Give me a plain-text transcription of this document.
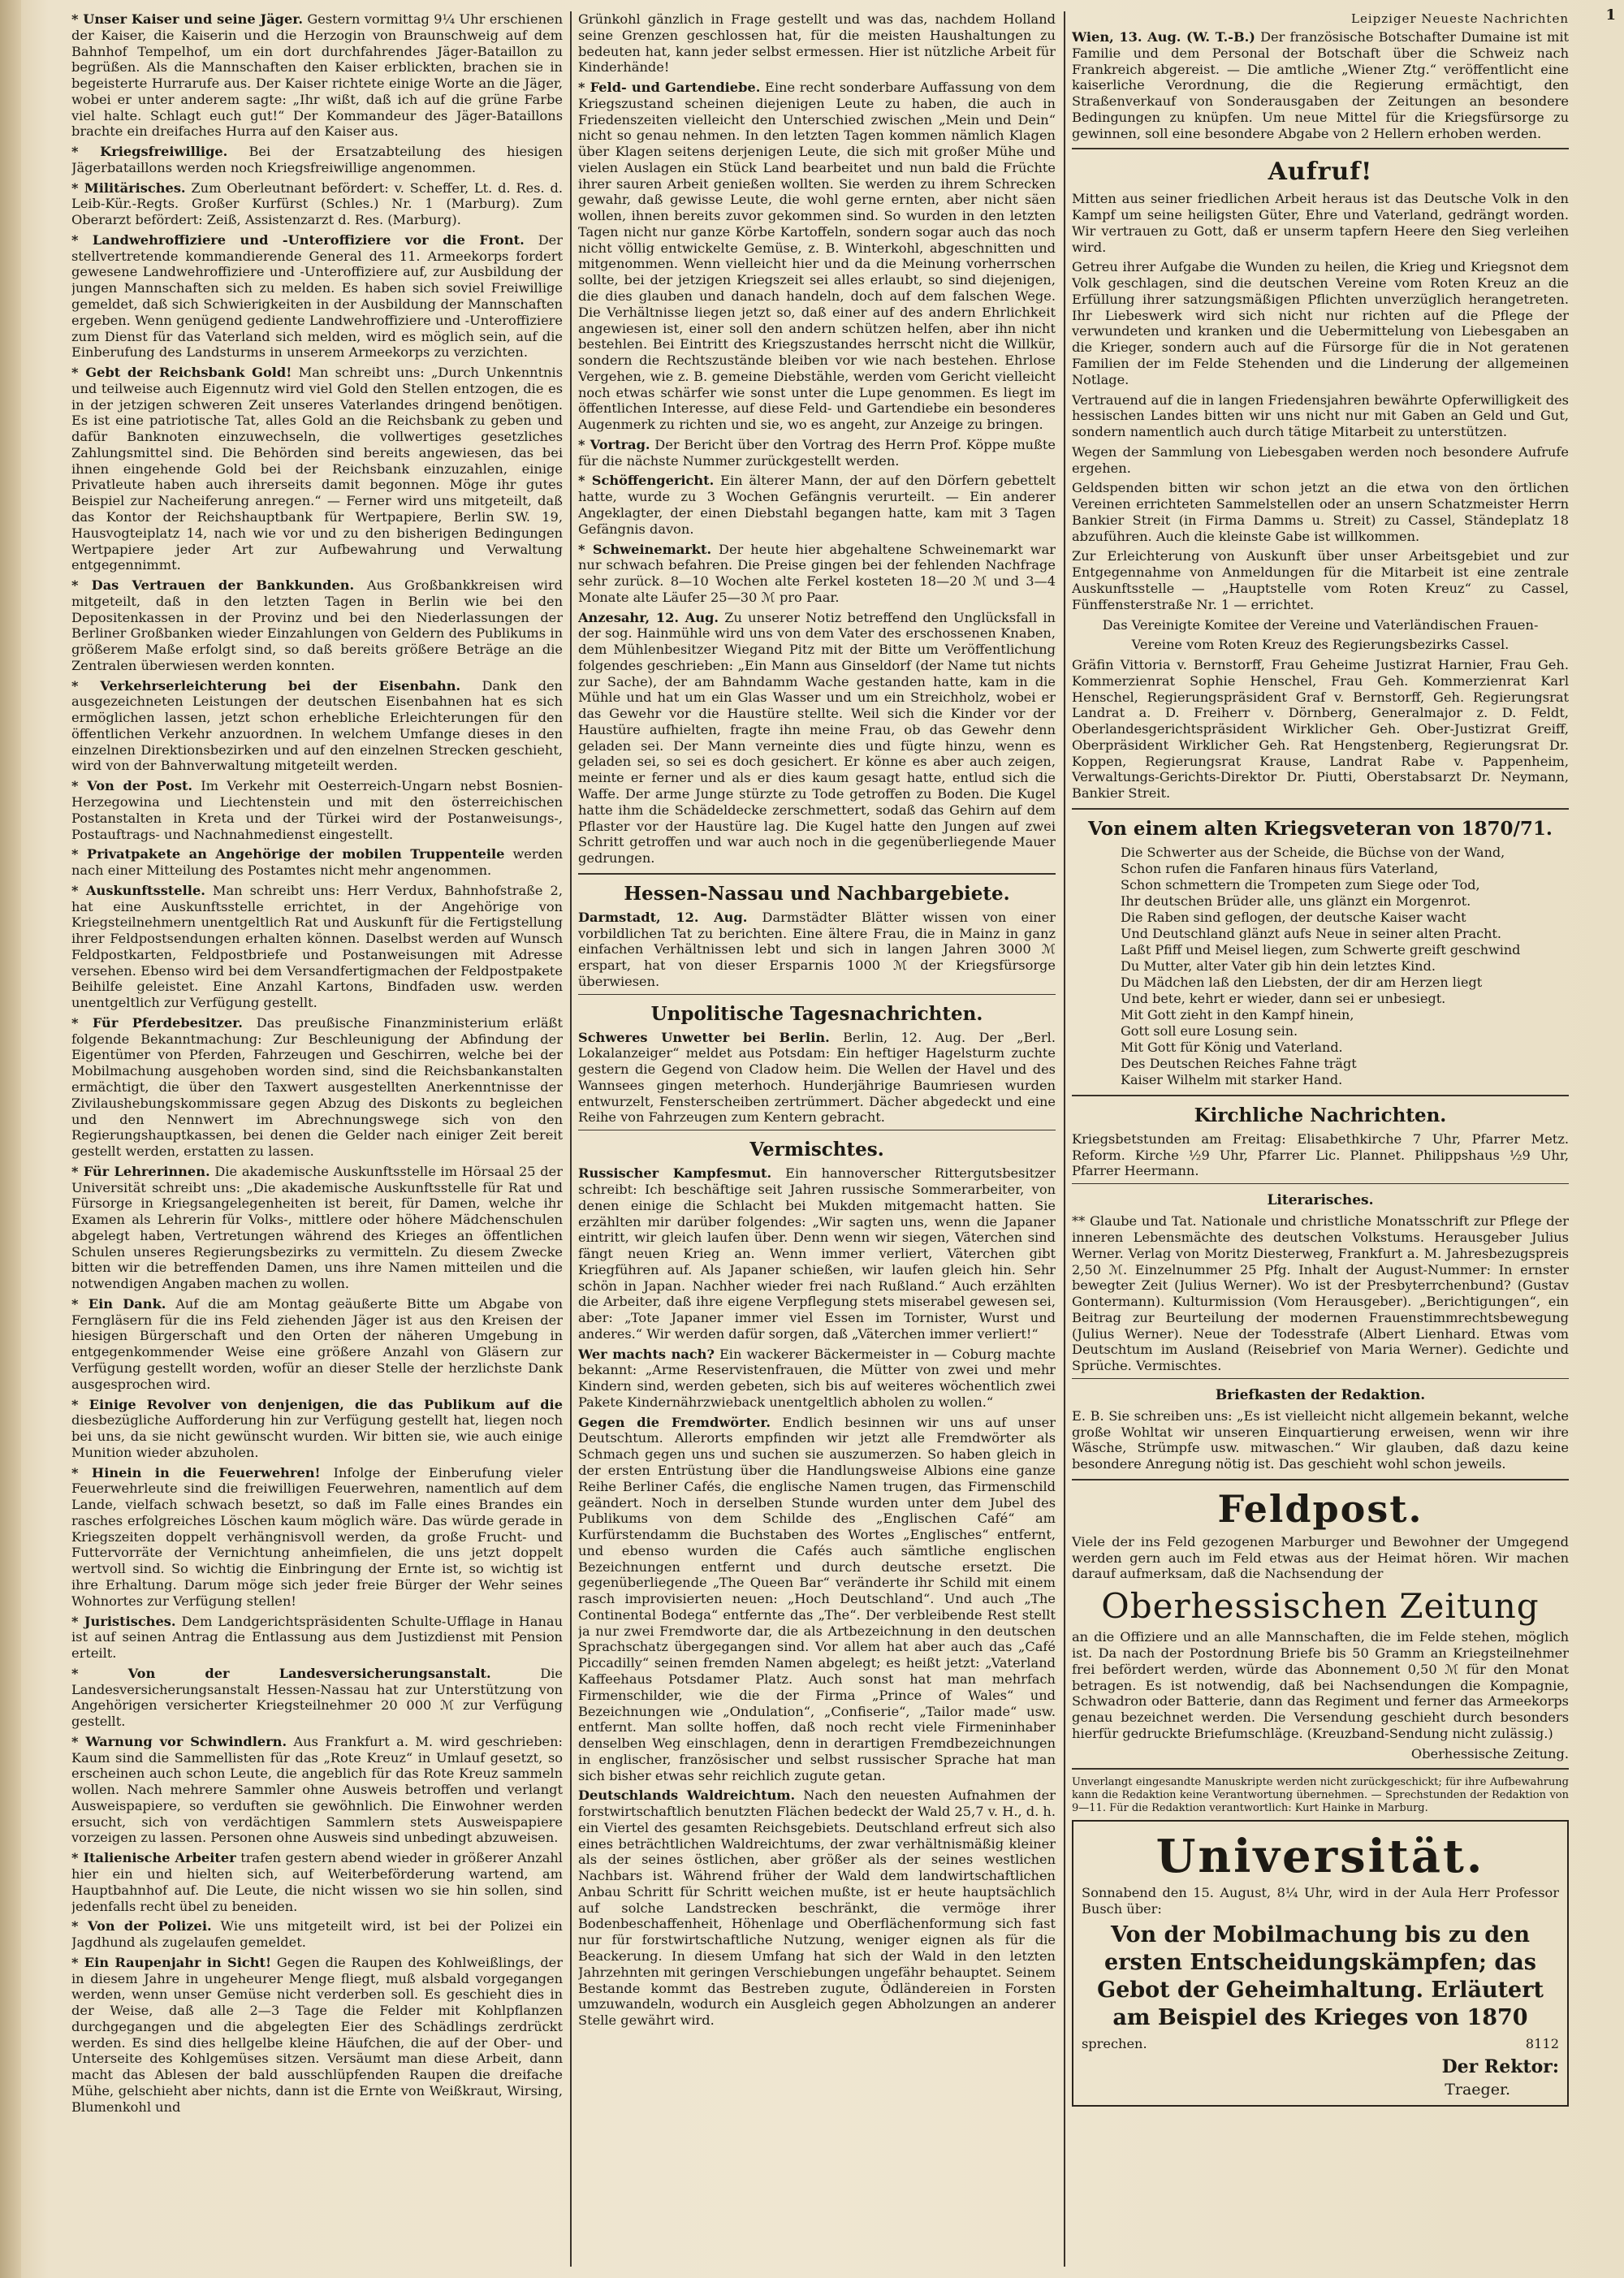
1

* Unser Kaiser und seine Jäger. Gestern vormittag 9¼ Uhr erschienen der Kaiser, die Kaiserin und die Herzogin von Braunschweig auf dem Bahnhof Tempelhof, um ein dort durchfahrendes Jäger-Bataillon zu begrüßen. Als die Mannschaften den Kaiser erblickten, brachen sie in begeisterte Hurrarufe aus. Der Kaiser richtete einige Worte an die Jäger, wobei er unter anderem sagte: „Ihr wißt, daß ich auf die grüne Farbe viel halte. Schlagt euch gut!“ Der Kommandeur des Jäger-Bataillons brachte ein dreifaches Hurra auf den Kaiser aus.

* Kriegsfreiwillige. Bei der Ersatzabteilung des hiesigen Jägerbataillons werden noch Kriegsfreiwillige angenommen.

* Militärisches. Zum Oberleutnant befördert: v. Scheffer, Lt. d. Res. d. Leib-Kür.-Regts. Großer Kurfürst (Schles.) Nr. 1 (Marburg). Zum Oberarzt befördert: Zeiß, Assistenzarzt d. Res. (Marburg).

* Landwehroffiziere und -Unteroffiziere vor die Front. Der stellvertretende kommandierende General des 11. Armeekorps fordert gewesene Landwehroffiziere und -Unteroffiziere auf, zur Ausbildung der jungen Mannschaften sich zu melden. Es haben sich soviel Freiwillige gemeldet, daß sich Schwierigkeiten in der Ausbildung der Mannschaften ergeben. Wenn genügend gediente Landwehroffiziere und -Unteroffiziere zum Dienst für das Vaterland sich melden, wird es möglich sein, auf die Einberufung des Landsturms in unserem Armeekorps zu verzichten.

* Gebt der Reichsbank Gold! Man schreibt uns: „Durch Unkenntnis und teilweise auch Eigennutz wird viel Gold den Stellen entzogen, die es in der jetzigen schweren Zeit unseres Vaterlandes dringend benötigen. Es ist eine patriotische Tat, alles Gold an die Reichsbank zu geben und dafür Banknoten einzuwechseln, die vollwertiges gesetzliches Zahlungsmittel sind. Die Behörden sind bereits angewiesen, das bei ihnen eingehende Gold bei der Reichsbank einzuzahlen, einige Privatleute haben auch ihrerseits damit begonnen. Möge ihr gutes Beispiel zur Nacheiferung anregen.“ — Ferner wird uns mitgeteilt, daß das Kontor der Reichshauptbank für Wertpapiere, Berlin SW. 19, Hausvogteiplatz 14, nach wie vor und zu den bisherigen Bedingungen Wertpapiere jeder Art zur Aufbewahrung und Verwaltung entgegennimmt.

* Das Vertrauen der Bankkunden. Aus Großbankkreisen wird mitgeteilt, daß in den letzten Tagen in Berlin wie bei den Depositenkassen in der Provinz und bei den Niederlassungen der Berliner Großbanken wieder Einzahlungen von Geldern des Publikums in größerem Maße erfolgt sind, so daß bereits größere Beträge an die Zentralen überwiesen werden konnten.

* Verkehrserleichterung bei der Eisenbahn. Dank den ausgezeichneten Leistungen der deutschen Eisenbahnen hat es sich ermöglichen lassen, jetzt schon erhebliche Erleichterungen für den öffentlichen Verkehr anzuordnen. In welchem Umfange dieses in den einzelnen Direktionsbezirken und auf den einzelnen Strecken geschieht, wird von der Bahnverwaltung mitgeteilt werden.

* Von der Post. Im Verkehr mit Oesterreich-Ungarn nebst Bosnien-Herzegowina und Liechtenstein und mit den österreichischen Postanstalten in Kreta und der Türkei wird der Postanweisungs-, Postauftrags- und Nachnahmedienst eingestellt.

* Privatpakete an Angehörige der mobilen Truppenteile werden nach einer Mitteilung des Postamtes nicht mehr angenommen.

* Auskunftsstelle. Man schreibt uns: Herr Verdux, Bahnhofstraße 2, hat eine Auskunftsstelle errichtet, in der Angehörige von Kriegsteilnehmern unentgeltlich Rat und Auskunft für die Fertigstellung ihrer Feldpostsendungen erhalten können. Daselbst werden auf Wunsch Feldpostkarten, Feldpostbriefe und Postanweisungen mit Adresse versehen. Ebenso wird bei dem Versandfertigmachen der Feldpostpakete Beihilfe geleistet. Eine Anzahl Kartons, Bindfaden usw. werden unentgeltlich zur Verfügung gestellt.

* Für Pferdebesitzer. Das preußische Finanzministerium erläßt folgende Bekanntmachung: Zur Beschleunigung der Abfindung der Eigentümer von Pferden, Fahrzeugen und Geschirren, welche bei der Mobilmachung ausgehoben worden sind, sind die Reichsbankanstalten ermächtigt, die über den Taxwert ausgestellten Anerkenntnisse der Zivilaushebungskommissare gegen Abzug des Diskonts zu begleichen und den Nennwert im Abrechnungswege sich von den Regierungshauptkassen, bei denen die Gelder nach einiger Zeit bereit gestellt werden, erstatten zu lassen.

* Für Lehrerinnen. Die akademische Auskunftsstelle im Hörsaal 25 der Universität schreibt uns: „Die akademische Auskunftsstelle für Rat und Fürsorge in Kriegsangelegenheiten ist bereit, für Damen, welche ihr Examen als Lehrerin für Volks-, mittlere oder höhere Mädchenschulen abgelegt haben, Vertretungen während des Krieges an öffentlichen Schulen unseres Regierungsbezirks zu vermitteln. Zu diesem Zwecke bitten wir die betreffenden Damen, uns ihre Namen mitteilen und die notwendigen Angaben machen zu wollen.

* Ein Dank. Auf die am Montag geäußerte Bitte um Abgabe von Ferngläsern für die ins Feld ziehenden Jäger ist aus den Kreisen der hiesigen Bürgerschaft und den Orten der näheren Umgebung in entgegenkommender Weise eine größere Anzahl von Gläsern zur Verfügung gestellt worden, wofür an dieser Stelle der herzlichste Dank ausgesprochen wird.

* Einige Revolver von denjenigen, die das Publikum auf die diesbezügliche Aufforderung hin zur Verfügung gestellt hat, liegen noch bei uns, da sie nicht gewünscht wurden. Wir bitten sie, wie auch einige Munition wieder abzuholen.

* Hinein in die Feuerwehren! Infolge der Einberufung vieler Feuerwehrleute sind die freiwilligen Feuerwehren, namentlich auf dem Lande, vielfach schwach besetzt, so daß im Falle eines Brandes ein rasches erfolgreiches Löschen kaum möglich wäre. Das würde gerade in Kriegszeiten doppelt verhängnisvoll werden, da große Frucht- und Futtervorräte der Vernichtung anheimfielen, die uns jetzt doppelt wertvoll sind. So wichtig die Einbringung der Ernte ist, so wichtig ist ihre Erhaltung. Darum möge sich jeder freie Bürger der Wehr seines Wohnortes zur Verfügung stellen!

* Juristisches. Dem Landgerichtspräsidenten Schulte-Ufflage in Hanau ist auf seinen Antrag die Entlassung aus dem Justizdienst mit Pension erteilt.

* Von der Landesversicherungsanstalt.	Die Landesversicherungsanstalt Hessen-Nassau hat zur Unterstützung von Angehörigen versicherter Kriegsteilnehmer 20 000 ℳ zur Verfügung gestellt.

* Warnung vor Schwindlern. Aus Frankfurt a. M. wird geschrieben: Kaum sind die Sammellisten für das „Rote Kreuz“ in Umlauf gesetzt, so erscheinen auch schon Leute, die angeblich für das Rote Kreuz sammeln wollen. Nach mehrere Sammler ohne Ausweis betroffen und verlangt Ausweispapiere, so verduften sie gewöhnlich. Die Einwohner werden ersucht, sich von verdächtigen Sammlern stets Ausweispapiere vorzeigen zu lassen. Personen ohne Ausweis sind unbedingt abzuweisen.

* Italienische Arbeiter trafen gestern abend wieder in größerer Anzahl hier ein und hielten sich, auf Weiterbeförderung wartend, am Hauptbahnhof auf. Die Leute, die nicht wissen wo sie hin sollen, sind jedenfalls recht übel zu beneiden.

* Von der Polizei. Wie uns mitgeteilt wird, ist bei der Polizei ein Jagdhund als zugelaufen gemeldet.

* Ein Raupenjahr in Sicht! Gegen die Raupen des Kohlweißlings, der in diesem Jahre in ungeheurer Menge fliegt, muß alsbald vorgegangen werden, wenn unser Gemüse nicht verderben soll. Es geschieht dies in der Weise, daß alle 2—3 Tage die Felder mit Kohlpflanzen durchgegangen und die abgelegten Eier des Schädlings zerdrückt werden. Es sind dies hellgelbe kleine Häufchen, die auf der Ober- und Unterseite des Kohlgemüses sitzen. Versäumt man diese Arbeit, dann macht das Ablesen der bald ausschlüpfenden Raupen die dreifache Mühe, gelschieht aber nichts, dann ist die Ernte von Weißkraut, Wirsing, Blumenkohl und

Grünkohl gänzlich in Frage gestellt und was das, nachdem Holland seine Grenzen geschlossen hat, für die meisten Haushaltungen zu bedeuten hat, kann jeder selbst ermessen. Hier ist nützliche Arbeit für Kinderhände!

* Feld- und Gartendiebe. Eine recht sonderbare Auffassung von dem Kriegszustand scheinen diejenigen Leute zu haben, die auch in Friedenszeiten vielleicht den Unterschied zwischen „Mein und Dein“ nicht so genau nehmen. In den letzten Tagen kommen nämlich Klagen über Klagen seitens derjenigen Leute, die sich mit großer Mühe und vielen Auslagen ein Stück Land bearbeitet und nun bald die Früchte ihrer sauren Arbeit genießen wollten. Sie werden zu ihrem Schrecken gewahr, daß gewisse Leute, die wohl gerne ernten, aber nicht säen wollen, ihnen bereits zuvor gekommen sind. So wurden in den letzten Tagen nicht nur ganze Körbe Kartoffeln, sondern sogar auch das noch nicht völlig entwickelte Gemüse, z. B. Winterkohl, abgeschnitten und mitgenommen. Wenn vielleicht hier und da die Meinung vorherrschen sollte, bei der jetzigen Kriegszeit sei alles erlaubt, so sind diejenigen, die dies glauben und danach handeln, doch auf dem falschen Wege. Die Verhältnisse liegen jetzt so, daß einer auf des andern Ehrlichkeit angewiesen ist, einer soll den andern schützen helfen, aber ihn nicht bestehlen. Bei Eintritt des Kriegszustandes herrscht nicht die Willkür, sondern die Rechtszustände bleiben vor wie nach bestehen. Ehrlose Vergehen, wie z. B. gemeine Diebstähle, werden vom Gericht vielleicht noch etwas schärfer wie sonst unter die Lupe genommen. Es liegt im öffentlichen Interesse, auf diese Feld- und Gartendiebe ein besonderes Augenmerk zu richten und sie, wo es angeht, zur Anzeige zu bringen.

* Vortrag. Der Bericht über den Vortrag des Herrn Prof. Köppe mußte für die nächste Nummer zurückgestellt werden.

* Schöffengericht. Ein älterer Mann, der auf den Dörfern gebettelt hatte, wurde zu 3 Wochen Gefängnis verurteilt. — Ein anderer Angeklagter, der einen Diebstahl begangen hatte, kam mit 3 Tagen Gefängnis davon.

* Schweinemarkt. Der heute hier abgehaltene Schweinemarkt war nur schwach befahren. Die Preise gingen bei der fehlenden Nachfrage sehr zurück. 8—10 Wochen alte Ferkel kosteten 18—20 ℳ und 3—4 Monate alte Läufer 25—30 ℳ pro Paar.

Anzesahr, 12. Aug. Zu unserer Notiz betreffend den Unglücksfall in der sog. Hainmühle wird uns von dem Vater des erschossenen Knaben, dem Mühlenbesitzer Wiegand Pitz mit der Bitte um Veröffentlichung folgendes geschrieben: „Ein Mann aus Ginseldorf (der Name tut nichts zur Sache), der am Bahndamm Wache gestanden hatte, kam in die Mühle und hat um ein Glas Wasser und um ein Streichholz, wobei er das Gewehr vor die Haustüre stellte. Weil sich die Kinder vor der Haustüre aufhielten, fragte ihn meine Frau, ob das Gewehr denn geladen sei. Der Mann verneinte dies und fügte hinzu, wenn es geladen sei, so sei es doch gesichert. Er könne es aber auch zeigen, meinte er ferner und als er dies kaum gesagt hatte, entlud sich die Waffe. Der arme Junge stürzte zu Tode getroffen zu Boden. Die Kugel hatte ihm die Schädeldecke zerschmettert, sodaß das Gehirn auf dem Pflaster vor der Haustüre lag. Die Kugel hatte den Jungen auf zwei Schritt getroffen und war auch noch in die gegenüberliegende Mauer gedrungen.

Hessen-Nassau und Nachbargebiete.

Darmstadt, 12. Aug. Darmstädter Blätter wissen von einer vorbildlichen Tat zu berichten. Eine ältere Frau, die in Mainz in ganz einfachen Verhältnissen lebt und sich in langen Jahren 3000 ℳ erspart, hat von dieser Ersparnis 1000 ℳ der Kriegsfürsorge überwiesen.

Unpolitische Tagesnachrichten.

Schweres Unwetter bei Berlin. Berlin, 12. Aug. Der „Berl. Lokalanzeiger“ meldet aus Potsdam: Ein heftiger Hagelsturm zuchte gestern die Gegend von Cladow heim. Die Wellen der Havel und des Wannsees gingen meterhoch. Hunderjährige Baumriesen wurden entwurzelt, Fensterscheiben zertrümmert. Dächer abgedeckt und eine Reihe von Fahrzeugen zum Kentern gebracht.

Vermischtes.

Russischer Kampfesmut. Ein hannoverscher Rittergutsbesitzer schreibt: Ich beschäftige seit Jahren russische Sommerarbeiter, von denen einige die Schlacht bei Mukden mitgemacht hatten. Sie erzählten mir darüber folgendes: „Wir sagten uns, wenn die Japaner eintritt, wir gleich laufen über. Denn wenn wir siegen, Väterchen sind fängt neuen Krieg an. Wenn immer verliert, Väterchen gibt Kriegführen auf. Als Japaner schießen, wir laufen gleich hin. Sehr schön in Japan. Nachher wieder frei nach Rußland.“ Auch erzählten die Arbeiter, daß ihre eigene Verpflegung stets miserabel gewesen sei, aber: „Tote Japaner immer viel Essen im Tornister, Wurst und anderes.“ Wir werden dafür sorgen, daß „Väterchen immer verliert!“

Wer machts nach? Ein wackerer Bäckermeister in — Coburg machte bekannt: „Arme Reservistenfrauen, die Mütter von zwei und mehr Kindern sind, werden gebeten, sich bis auf weiteres wöchentlich zwei Pakete Kindernährzwieback unentgeltlich abholen zu wollen.“

Gegen die Fremdwörter. Endlich besinnen wir uns auf unser Deutschtum. Allerorts empfinden wir jetzt alle Fremdwörter als Schmach gegen uns und suchen sie auszumerzen. So haben gleich in der ersten Entrüstung über die Handlungsweise Albions eine ganze Reihe Berliner Cafés, die englische Namen trugen, das Firmenschild geändert. Noch in derselben Stunde wurden unter dem Jubel des Publikums von dem Schilde des „Englischen Café“ am Kurfürstendamm die Buchstaben des Wortes „Englisches“ entfernt, und ebenso wurden die Cafés auch sämtliche englischen Bezeichnungen entfernt und durch deutsche ersetzt. Die gegenüberliegende „The Queen Bar“ veränderte ihr Schild mit einem rasch improvisierten neuen: „Hoch Deutschland“. Und auch „The Continental Bodega“ entfernte das „The“. Der verbleibende Rest stellt ja nur zwei Fremdworte dar, die als Artbezeichnung in den deutschen Sprachschatz übergegangen sind. Vor allem hat aber auch das „Café Piccadilly“ seinen fremden Namen abgelegt; es heißt jetzt: „Vaterland Kaffeehaus Potsdamer Platz. Auch sonst hat man mehrfach Firmenschilder, wie die der Firma „Prince of Wales“ und Bezeichnungen wie „Ondulation“, „Confiserie“, „Tailor made“ usw. entfernt. Man sollte hoffen, daß noch recht viele Firmeninhaber denselben Weg einschlagen, denn in derartigen Fremdbezeichnungen in englischer, französischer und selbst russischer Sprache hat man sich bisher etwas sehr reichlich zugute getan.

Deutschlands Waldreichtum. Nach den neuesten Aufnahmen der forstwirtschaftlich benutzten Flächen bedeckt der Wald 25,7 v. H., d. h. ein Viertel des gesamten Reichsgebiets. Deutschland erfreut sich also eines beträchtlichen Waldreichtums, der zwar verhältnismäßig kleiner als der seines östlichen, aber größer als der seines westlichen Nachbars ist. Während früher der Wald dem landwirtschaftlichen Anbau Schritt für Schritt weichen mußte, ist er heute hauptsächlich auf solche Landstrecken beschränkt, die vermöge ihrer Bodenbeschaffenheit, Höhenlage und Oberflächenformung sich fast nur für forstwirtschaftliche Nutzung, weniger eignen als für die Beackerung. In diesem Umfang hat sich der Wald in den letzten Jahrzehnten mit geringen Verschiebungen ungefähr behauptet. Seinem Bestande kommt das Bestreben zugute, Ödländereien in Forsten umzuwandeln, wodurch ein Ausgleich gegen Abholzungen an anderer Stelle gewährt wird.

Leipziger Neueste Nachrichten

Wien, 13. Aug. (W. T.-B.) Der französische Botschafter Dumaine ist mit Familie und dem Personal der Botschaft über die Schweiz nach Frankreich abgereist. — Die amtliche „Wiener Ztg.“ veröffentlicht eine kaiserliche Verordnung, die die Regierung ermächtigt, den Straßenverkauf von Sonderausgaben der Zeitungen an besondere Bedingungen zu knüpfen. Um neue Mittel für die Kriegsfürsorge zu gewinnen, soll eine besondere Abgabe von 2 Hellern erhoben werden.

Aufruf!

Mitten aus seiner friedlichen Arbeit heraus ist das Deutsche Volk in den Kampf um seine heiligsten Güter, Ehre und Vaterland, gedrängt worden. Wir vertrauen zu Gott, daß er unserm tapfern Heere den Sieg verleihen wird.

Getreu ihrer Aufgabe die Wunden zu heilen, die Krieg und Kriegsnot dem Volk geschlagen, sind die deutschen Vereine vom Roten Kreuz an die Erfüllung ihrer satzungsmäßigen Pflichten unverzüglich herangetreten. Ihr Liebeswerk wird sich nicht nur richten auf die Pflege der verwundeten und kranken und die Uebermittelung von Liebesgaben an die Krieger, sondern auch auf die Fürsorge für die in Not geratenen Familien der im Felde Stehenden und die Linderung der allgemeinen Notlage.

Vertrauend auf die in langen Friedensjahren bewährte Opferwilligkeit des hessischen Landes bitten wir uns nicht nur mit Gaben an Geld und Gut, sondern namentlich auch durch tätige Mitarbeit zu unterstützen.

Wegen der Sammlung von Liebesgaben werden noch besondere Aufrufe ergehen.

Geldspenden bitten wir schon jetzt an die etwa von den örtlichen Vereinen errichteten Sammelstellen oder an unsern Schatzmeister Herrn Bankier Streit (in Firma Damms u. Streit) zu Cassel, Ständeplatz 18 abzuführen. Auch die kleinste Gabe ist willkommen.

Zur Erleichterung von Auskunft über unser Arbeitsgebiet und zur Entgegennahme von Anmeldungen für die Mitarbeit ist eine zentrale Auskunftsstelle — „Hauptstelle vom Roten Kreuz“ zu Cassel, Fünffensterstraße Nr. 1 — errichtet.

Das Vereinigte Komitee der Vereine und Vaterländischen Frauen-

Vereine vom Roten Kreuz des Regierungsbezirks Cassel.

Gräfin Vittoria v. Bernstorff, Frau Geheime Justizrat Harnier, Frau Geh. Kommerzienrat Sophie Henschel, Frau Geh. Kommerzienrat Karl Henschel, Regierungspräsident Graf v. Bernstorff, Geh. Regierungsrat Landrat a. D. Freiherr v. Dörnberg, Generalmajor z. D. Feldt, Oberlandesgerichtspräsident Wirklicher Geh. Ober-Justizrat Greiff, Oberpräsident Wirklicher Geh. Rat Hengstenberg, Regierungsrat Dr. Koppen, Regierungsrat Krause, Landrat Rabe v. Pappenheim, Verwaltungs-Gerichts-Direktor Dr. Piutti, Oberstabsarzt Dr. Neymann, Bankier Streit.

Von einem alten Kriegsveteran von 1870/71.

Die Schwerter aus der Scheide, die Büchse von der Wand,

Schon rufen die Fanfaren hinaus fürs Vaterland,

Schon schmettern die Trompeten zum Siege oder Tod,

Ihr deutschen Brüder alle, uns glänzt ein Morgenrot.

Die Raben sind geflogen, der deutsche Kaiser wacht

Und Deutschland glänzt aufs Neue in seiner alten Pracht.

Laßt Pfiff und Meisel liegen, zum Schwerte greift geschwind

Du Mutter, alter Vater gib hin dein letztes Kind.

Du Mädchen laß den Liebsten, der dir am Herzen liegt

Und bete, kehrt er wieder, dann sei er unbesiegt.

Mit Gott zieht in den Kampf hinein,

Gott soll eure Losung sein.

Mit Gott für König und Vaterland.

Des Deutschen Reiches Fahne trägt

Kaiser Wilhelm mit starker Hand.

Kirchliche Nachrichten.

Kriegsbetstunden am Freitag: Elisabethkirche 7 Uhr, Pfarrer Metz. Reform. Kirche ½9 Uhr, Pfarrer Lic. Plannet. Philippshaus ½9 Uhr, Pfarrer Heermann.

Literarisches.

** Glaube und Tat. Nationale und christliche Monatsschrift zur Pflege der inneren Lebensmächte des deutschen Volkstums. Herausgeber Julius Werner. Verlag von Moritz Diesterweg, Frankfurt a. M. Jahresbezugspreis 2,50 ℳ. Einzelnummer 25 Pfg. Inhalt der August-Nummer: In ernster bewegter Zeit (Julius Werner). Wo ist der Presbyterrchenbund? (Gustav Gontermann). Kulturmission (Vom Herausgeber). „Berichtigungen“, ein Beitrag zur Beurteilung der modernen Frauenstimmrechtsbewegung (Julius Werner). Neue der Todesstrafe (Albert Lienhard. Etwas vom Deutschtum im Ausland (Reisebrief von Maria Werner). Gedichte und Sprüche. Vermischtes.

Briefkasten der Redaktion.

E. B. Sie schreiben uns: „Es ist vielleicht nicht allgemein bekannt, welche große Wohltat wir unseren Einquartierung erweisen, wenn wir ihre Wäsche, Strümpfe usw. mitwaschen.“ Wir glauben, daß dazu keine besondere Anregung nötig ist. Das geschieht wohl schon jeweils.

Feldpost.

Viele der ins Feld gezogenen Marburger und Bewohner der Umgegend werden gern auch im Feld etwas aus der Heimat hören. Wir machen darauf aufmerksam, daß die Nachsendung der

Oberhessischen Zeitung

an die Offiziere und an alle Mannschaften, die im Felde stehen, möglich ist. Da nach der Postordnung Briefe bis 50 Gramm an Kriegsteilnehmer frei befördert werden, würde das Abonnement 0,50 ℳ für den Monat betragen. Es ist notwendig, daß bei Nachsendungen die Kompagnie, Schwadron oder Batterie, dann das Regiment und ferner das Armeekorps genau bezeichnet werden. Die Versendung geschieht durch besonders hierfür gedruckte Briefumschläge. (Kreuzband-Sendung nicht zulässig.)

Oberhessische Zeitung.

Unverlangt eingesandte Manuskripte werden nicht zurückgeschickt; für ihre Aufbewahrung kann die Redaktion keine Verantwortung übernehmen. — Sprechstunden der Redaktion von 9—11. Für die Redaktion verantwortlich: Kurt Hainke in Marburg.

Universität.

Sonnabend den 15. August, 8¼ Uhr, wird in der Aula Herr Professor Busch über:

Von der Mobilmachung bis zu den ersten Entscheidungskämpfen; das Gebot der Geheimhaltung. Erläutert am Beispiel des Krieges von 1870

sprechen.	8112

Der Rektor:
Traeger.
